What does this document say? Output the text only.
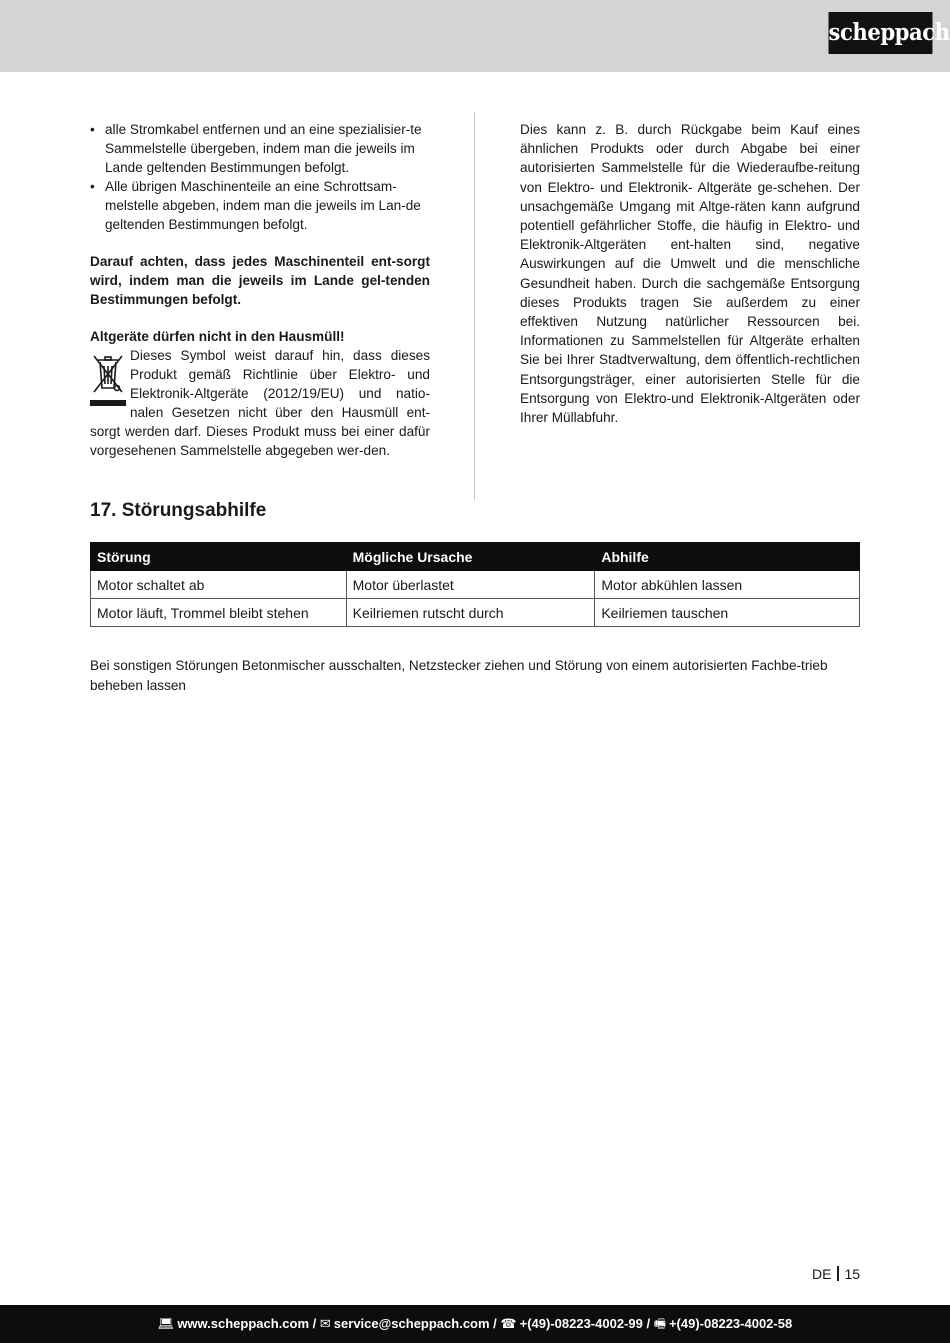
scheppach
• alle Stromkabel entfernen und an eine spezialisier-te Sammelstelle übergeben, indem man die jeweils im Lande geltenden Bestimmungen befolgt.
• Alle übrigen Maschinenteile an eine Schrottsam-melstelle abgeben, indem man die jeweils im Lan-de geltenden Bestimmungen befolgt.
Darauf achten, dass jedes Maschinenteil ent-sorgt wird, indem man die jeweils im Lande gel-tenden Bestimmungen befolgt.
Altgeräte dürfen nicht in den Hausmüll!
Dieses Symbol weist darauf hin, dass dieses Produkt gemäß Richtlinie über Elektro- und Elektronik-Altgeräte (2012/19/EU) und natio-nalen Gesetzen nicht über den Hausmüll ent-sorgt werden darf. Dieses Produkt muss bei einer dafür vorgesehenen Sammelstelle abgegeben wer-den.

Dies kann z. B. durch Rückgabe beim Kauf eines ähnlichen Produkts oder durch Abgabe bei einer autorisierten Sammelstelle für die Wiederaufbe-reitung von Elektro- und Elektronik- Altgeräte ge-schehen. Der unsachgemäße Umgang mit Altge-räten kann aufgrund potentiell gefährlicher Stoffe, die häufig in Elektro- und Elektronik-Altgeräten ent-halten sind, negative Auswirkungen auf die Umwelt und die menschliche Gesundheit haben. Durch die sachgemäße Entsorgung dieses Produkts tragen Sie außerdem zu einer effektiven Nutzung natürlicher Ressourcen bei. Informationen zu Sammelstellen für Altgeräte erhalten Sie bei Ihrer Stadtverwaltung, dem öffentlich-rechtlichen Entsorgungsträger, einer autorisierten Stelle für die Entsorgung von Elektro-und Elektronik-Altgeräten oder Ihrer Müllabfuhr.

17. Störungsabhilfe
Störung	Mögliche Ursache	Abhilfe
Motor schaltet ab	Motor überlastet	Motor abkühlen lassen
Motor läuft, Trommel bleibt stehen	Keilriemen rutscht durch	Keilriemen tauschen
Bei sonstigen Störungen Betonmischer ausschalten, Netzstecker ziehen und Störung von einem autorisierten Fachbe-trieb beheben lassen
DE 15
💻︎ www.scheppach.com / ✉ service@scheppach.com / ☎ +(49)-08223-4002-99 / 🖷︎ +(49)-08223-4002-58
